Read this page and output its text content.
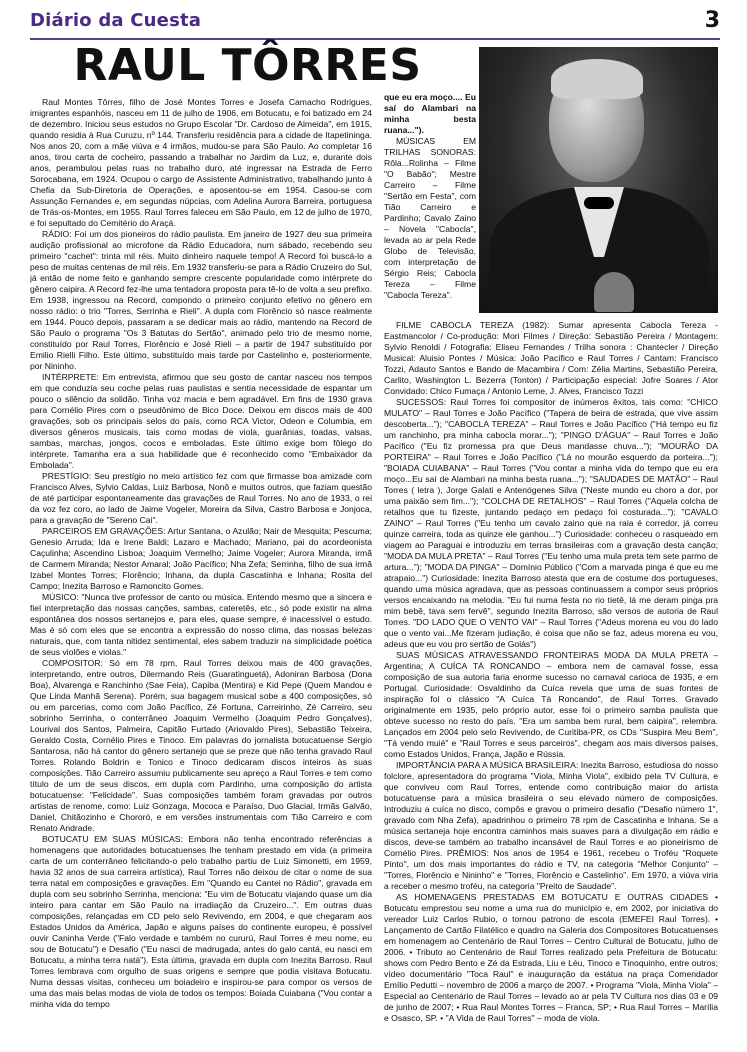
Diário da Cuesta	3
RAUL TÔRRES

Raul Montes Tôrres, filho de José Montes Torres e Josefa Camacho Rodrigues, imigrantes espanhóis, nasceu em 11 de julho de 1906, em Botucatu, e foi batizado em 24 de dezembro. Iniciou seus estudos no Grupo Escolar "Dr. Cardoso de Almeida", em 1915, quando residia à Rua Curuzu, nº 144. Transferiu residência para a cidade de Itapetininga. Nos anos 20, com a mãe viúva e 4 irmãos, mudou-se para São Paulo. Ao completar 16 anos, tirou carta de cocheiro, passando a trabalhar no Jardim da Luz, e, durante dois anos, perambulou pelas ruas no trabalho duro, até ingressar na Estrada de Ferro Sorocabana, em 1924. Ocupou o cargo de Assistente Administrativo, trabalhando junto à Chefia da Sub-Diretoria de Operações, e aposentou-se em 1954. Casou-se com Assunção Fernandes e, em segundas núpcias, com Adelina Aurora Barreira, portuguesa de Trás-os-Montes, em 1955. Raul Torres faleceu em São Paulo, em 12 de julho de 1970, e foi sepultado do Cemitério do Araçá.

RÁDIO: Foi um dos pioneiros do rádio paulista. Em janeiro de 1927 deu sua primeira audição profissional ao microfone da Rádio Educadora, num sábado, recebendo seu primeiro "cachet": trinta mil réis. Muito dinheiro naquele tempo! A Record foi buscá-lo a peso de muitas centenas de mil réis. Em 1932 transferiu-se para a Rádio Cruzeiro do Sul, já então de nome feito e ganhando sempre crescente popularidade como intérprete do gênero caipira. A Record fez-lhe uma tentadora proposta para tê-lo de volta a seu prefixo. Em 1938, ingressou na Record, compondo o primeiro conjunto efetivo no gênero em nosso rádio: o trio "Torres, Serrinha e Rieli". A dupla com Florêncio só nasce realmente em 1944. Pouco depois, passaram a se dedicar mais ao rádio, mantendo na Record de São Paulo o programa "Os 3 Batutas do Sertão", animado pelo trio de mesmo nome, constituído por Raul Torres, Florêncio e José Rieli – a partir de 1947 substituído por Emilio Rielli Filho. Este último, substituído mais tarde por Castelinho e, posteriormente, por Nininho.

INTÉRPRETE: Em entrevista, afirmou que seu gosto de cantar nasceu nos tempos em que conduzia seu coche pelas ruas paulistas e sentia necessidade de espantar um pouco o silêncio da solidão. Tinha voz macia e bem agradável. Em fins de 1930 grava para Cornélio Pires com o pseudônimo de Bico Doce. Deixou em discos mais de 400 gravações, sob os principais selos do país, como RCA Victor, Odeon e Columbia, em diversos gêneros musicais, tais como modas de viola, guarânias, toadas, valsas, sambas, marchas, jongos, cocos e emboladas. Este último exige bom fôlego do intérprete. Tamanha era a sua habilidade que é reconhecido como "Embaixador da Embolada".

PRESTÍGIO: Seu prestígio no meio artístico fez com que firmasse boa amizade com Francisco Alves, Sylvio Caldas, Luiz Barbosa, Nonô e muitos outros, que faziam questão de até participar espontaneamente das gravações de Raul Torres. No ano de 1933, o rei da voz fez coro, ao lado de Jaime Vogeler, Moreira da Silva, Castro Barbosa e Jonjoca, para a gravação de "Sereno Cai".

PARCEIROS EM GRAVAÇÕES: Artur Santana, o Azulão; Nair de Mesquita; Pescuma; Genesio Arruda; Ida e Irene Baldi; Lazaro e Machado; Mariano, pai do acordeonista Caçulinha; Ascendino Lisboa; Joaquim Vermelho; Jaime Vogeler; Aurora Miranda, irmã de Carmem Miranda; Nestor Amaral; João Pacífico; Nha Zefa; Serrinha, filho de sua irmã Izabel Montes Torres; Florêncio; Inhana, da dupla Cascatinha e Inhana; Rosita del Campo; Inezita Barroso e Ramoncito Gomes.

MÚSICO: "Nunca tive professor de canto ou música. Entendo mesmo que a sincera e fiel interpretação das nossas canções, sambas, cateretês, etc., só pode existir na alma espontânea dos nossos sertanejos e, para eles, quase sempre, é inacessível o estudo. Mas é só com eles que se encontra a expressão do nosso clima, das nossas belezas naturais, que, com tanta nitidez sentimental, eles sabem traduzir na simplicidade poética de seus violões e violas."

COMPOSITOR: Só em 78 rpm, Raul Torres deixou mais de 400 gravações, interpretando, entre outros, Dilermando Reis (Guaratinguetá), Adoniran Barbosa (Dona Boa), Alvarenga e Ranchinho (Sae Feia), Capiba (Mentira) e Kid Pepe (Quem Mandou e Que Linda Manhã Serena). Porém, sua bagagem musical sobe a 400 composições, só ou em parcerias, como com João Pacífico, Zé Fortuna, Carreirinho, Zé Carreiro, seu sobrinho Serrinha, o conterrâneo Joaquim Vermelho (Joaquim Pedro Gonçalves), Lourival dos Santos, Palmeira, Capitão Furtado (Ariovaldo Pires), Sebastião Teixeira, Geraldo Costa, Cornélio Pires e Tinoco. Em palavras do jornalista botucatuense Sergio Santarosa, não há cantor do gênero sertanejo que se preze que não tenha gravado Raul Torres. Rolando Boldrin e Tonico e Tinoco dedicaram discos inteiros às suas composições. Tião Carreiro assumiu publicamente seu apreço a Raul Torres e tem como título de um de seus discos, em dupla com Pardinho, uma composição do artista botucatuense: "Felicidade". Suas composições também foram gravadas por outros artistas de renome, como: Luiz Gonzaga, Mococa e Paraíso, Duo Glacial, Irmãs Galvão, Daniel, Chitãozinho e Chororó, e em versões instrumentais com Tião Carreiro e com Renato Andrade.

BOTUCATU EM SUAS MÚSICAS: Embora não tenha encontrado referências a homenagens que autoridades botucatuenses lhe tenham prestado em vida (a primeira carta de um conterrâneo felicitando-o pelo trabalho partiu de Luiz Simonetti, em 1959, havia 32 anos de sua carreira artística), Raul Torres não deixou de citar o nome de sua terra natal em composições e gravações. Em "Quando eu Cantei no Rádio", gravada em dupla com seu sobrinho Serrinha, menciona: "Eu vim de Botucatu viajando quase um dia inteiro para cantar em São Paulo na irradiação da Cruzeiro...". Em outras duas composições, relançadas em CD pelo selo Revivendo, em 2004, e que chegaram aos Estados Unidos da América, Japão e alguns países do continente europeu, é possível ouvir Caninha Verde ("Falo verdade e também no cururú, Raul Torres é meu nome, eu sou de Botucatu") e Desafio ("Eu nasci de madrugada, antes do galo cantá, eu nasci em Botucatu, a minha terra natá"). Esta última, gravada em dupla com Inezita Barroso. Raul Torres lembrava com orgulho de suas origens e sempre que podia visitava Botucatu. Numa dessas visitas, conheceu um boiadeiro e inspirou-se para compor os versos de uma das mais belas modas de viola de todos os tempos: Boiada Cuiabana ("Vou contar a minha vida do tempo

que eu era moço.... Eu saí do Alambari na minha besta ruana...").

MÚSICAS EM TRILHAS SONORAS: Rôla...Rolinha – Filme "O Babão"; Mestre Carreiro – Filme "Sertão em Festa", com Tião Carreiro e Pardinho; Cavalo Zaino – Novela "Cabocla", levada ao ar pela Rede Globo de Televisão, com interpretação de Sérgio Reis; Cabocla Tereza – Filme "Cabocla Tereza".

FILME CABOCLA TEREZA (1982): Sumar apresenta Cabocla Tereza - Eastmancolor / Co-produção: Mori Filmes / Direção: Sebastião Pereira / Montagem: Sylvio Renoldi / Fotografia: Eliseu Fernandes / Trilha sonora : Chantecler / Direção Musical: Aluisio Pontes / Música: João Pacífico e Raul Torres / Cantam: Francisco Tozzi, Adauto Santos e Bando de Macambira / Com: Zélia Martins, Sebastião Pereira, Carlito, Washington L. Bezerra (Tonton) / Participação especial: Jofre Soares / Ator Convidado: Chico Fumaça / Antonio Leme, J. Alves, Francisco Tozzi

SUCESSOS: Raul Torres foi compositor de inúmeros êxitos, tais como: "CHICO MULATO" – Raul Torres e João Pacífico ("Tapera de beira de estrada, que vive assim descoberta..."); "CABOCLA TEREZA" – Raul Torres e João Pacífico ("Há tempo eu fiz um ranchinho, pra minha cabocla morar..."); "PINGO D'ÁGUA" – Raul Torres e João Pacífico ("Eu fiz promessa pra que Deus mandasse chuva..."); "MOURÃO DA PORTEIRA" – Raul Torres e João Pacífico ("Lá no mourão esquerdo da porteira..."); "BOIADA CUIABANA" – Raul Torres ("Vou contar a minha vida do tempo que eu era moço...Eu saí de Alambari na minha besta ruana..."); "SAUDADES DE MATÃO" – Raul Torres ( letra ), Jorge Galati e Antenógenes Silva ("Neste mundo eu choro a dor, por uma paixão sem fim..."); "COLCHA DE RETALHOS" – Raul Torres ("Aquela colcha de retalhos que tu fizeste, juntando pedaço em pedaço foi costurada..."); "CAVALO ZAINO" – Raul Torres ("Eu tenho um cavalo zaino que na raia é corredor, já correu quinze carreira, toda as quinze ele ganhou...") Curiosidade: conheceu o rasqueado em viagem ao Paraguai e introduziu em terras brasileiras com a gravação desta canção; "MODA DA MULA PRETA" – Raul Torres ("Eu tenho uma mula preta tem sete parmo de artura..."); "MODA DA PINGA" – Domínio Público ("Com a marvada pinga é que eu me atrapaio...") Curiosidade: Inezita Barroso atesta que era de costume dos portugueses, quando uma música agradava, que as pessoas continuassem a compor seus próprios versos encaixando na melodia. "Eu fui numa festa no rio tietê, lá me deram pinga pra mim bebê, tava sem fervê", segundo Inezita Barroso, são versos de autoria de Raul Torres. "DO LADO QUE O VENTO VAI" – Raul Torres ("Adeus morena eu vou do lado que o vento vai...Me fizeram judiação, é coisa que não se faz, adeus morena eu vou, adeus que eu vou pro sertão de Goiás")

SUAS MÚSICAS ATRAVESSANDO FRONTEIRAS MODA DA MULA PRETA – Argentina; A CUÍCA TÁ RONCANDO – embora nem de carnaval fosse, essa composição de sua autoria faria enorme sucesso no carnaval carioca de 1935, e em Portugal. Curiosidade: Osvaldinho da Cuíca revela que uma de suas fontes de inspiração foi o clássico "A Cuíca Tá Roncando", de Raul Torres. Gravado originalmente em 1935, pelo próprio autor, esse foi o primeiro samba paulista que obteve sucesso no resto do país. "Era um samba bem rural, bem caipira", relembra. Lançados em 2004 pelo selo Revivendo, de Curitiba-PR, os CDs "Suspira Meu Bem", "Tá vendo muié" e "Raul Torres e seus parceiros", chegam aos mais diversos países, como Estados Unidos, França, Japão e Rússia.

IMPORTÂNCIA PARA A MÚSICA BRASILEIRA: Inezita Barroso, estudiosa do nosso folclore, apresentadora do programa "Viola, Minha Viola", exibido pela TV Cultura, e que conviveu com Raul Torres, entende como contribuição maior do artista botucatuense para a música brasileira o seu elevado número de composições. Introduziu a cuíca no disco, compôs e gravou o primeiro desafio ("Desafio número 1", gravado com Nha Zefa), apadrinhou o primeiro 78 rpm de Cascatinha e Inhana. Se a música sertaneja hoje encontra caminhos mais suaves para a divulgação em rádio e discos, deve-se também ao trabalho incansável de Raul Torres e ao pioneirismo de Cornélio Pires. PRÊMIOS: Nos anos de 1954 e 1961, recebeu o Troféu "Roquete Pinto", um dos mais importantes do rádio e TV, na categoria "Melhor Conjunto" – "Torres, Florêncio e Nininho" e "Torres, Florêncio e Castelinho". Em 1970, a viúva viria a receber o mesmo troféu, na categoria "Preito de Saudade".

AS HOMENAGENS PRESTADAS EM BOTUCATU E OUTRAS CIDADES • Botucatu emprestou seu nome a uma rua do município e, em 2002, por iniciativa do vereador Luiz Carlos Rubio, o tornou patrono de escola (EMEFEI Raul Torres). • Lançamento de Cartão Filatélico e quadro na Galeria dos Compositores Botucatuenses em homenagem ao Centenário de Raul Torres – Centro Cultural de Botucatu, julho de 2006. • Tributo ao Centenário de Raul Torres realizado pela Prefeitura de Botucatu: shows com Pedro Bento e Zé da Estrada, Liu e Léu, Tinoco e Tinoquinho, entre outros; vídeo documentário "Toca Raul" e inauguração da estátua na praça Comendador Emílio Pedutti – novembro de 2006 a março de 2007. • Programa "Viola, Minha Viola" – Especial ao Centenário de Raul Torres – levado ao ar pela TV Cultura nos dias 03 e 09 de junho de 2007; • Rua Raul Montes Torres – Franca, SP; • Rua Raul Torres – Marília e Osasco, SP. • "A Vida de Raul Torres" – moda de viola.
